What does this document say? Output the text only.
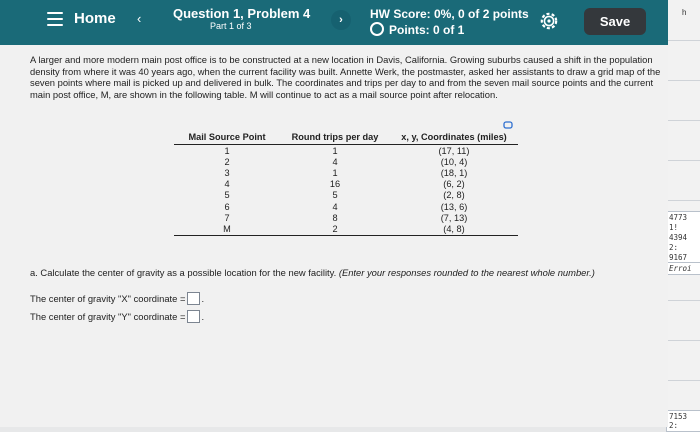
h
4773 1!
4394 2:
9167
Erroi
7153 2:
Home ‹ Question 1, Problem 4
Part 1 of 3	›	HW Score: 0%, 0 of 2 points
Points: 0 of 1
Save
A larger and more modern main post office is to be constructed at a new location in Davis, California. Growing suburbs caused a shift in the population density from where it was 40 years ago, when the current facility was built. Annette Werk, the postmaster, asked her assistants to draw a grid map of the seven points where mail is picked up and delivered in bulk. The coordinates and trips per day to and from the seven mail source points and the current main post office, M, are shown in the following table. M will continue to act as a mail source point after relocation.
Mail Source Point	Round trips per day	x, y, Coordinates (miles)
1	1	(17, 11)
2	4	(10, 4)
3	1	(18, 1)
4	16	(6, 2)
5	5	(2, 8)
6	4	(13, 6)
7	8	(7, 13)
M	2	(4, 8)
a. Calculate the center of gravity as a possible location for the new facility. (Enter your responses rounded to the nearest whole number.)
The center of gravity "X" coordinate = .
The center of gravity "Y" coordinate = .
